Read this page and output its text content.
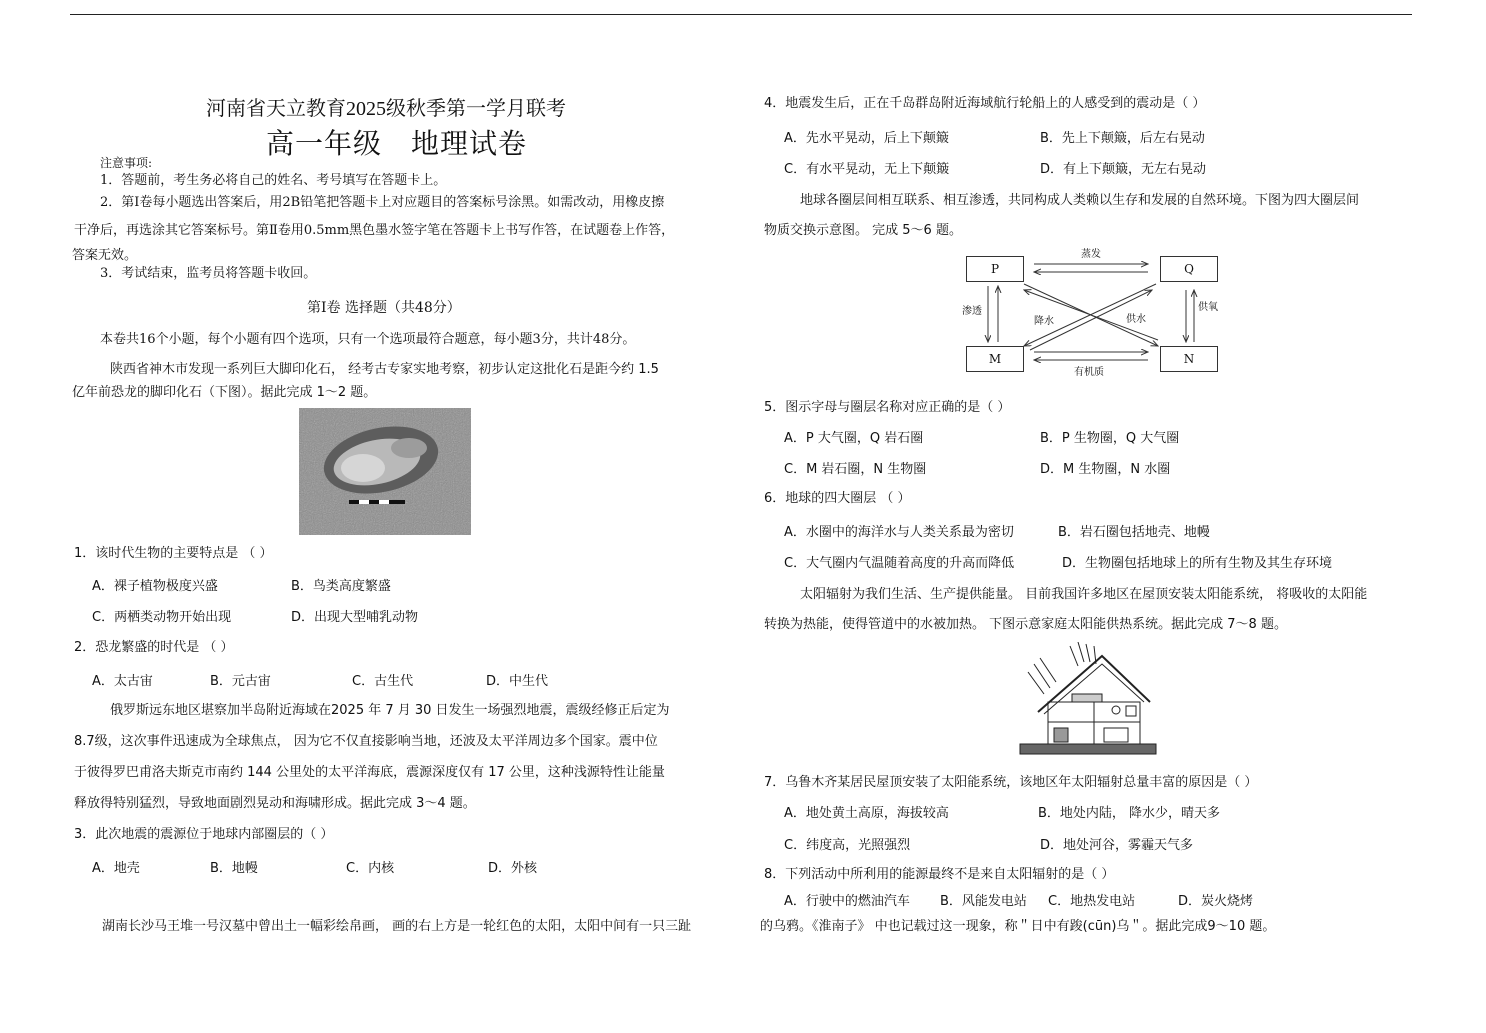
河南省天立教育2025级秋季第一学月联考
高一年级　地理试卷
注意事项:
1．答题前，考生务必将自己的姓名、考号填写在答题卡上。
2．第Ⅰ卷每小题选出答案后，用2B铅笔把答题卡上对应题目的答案标号涂黑。如需改动，用橡皮擦
干净后，再选涂其它答案标号。第Ⅱ卷用0.5mm黑色墨水签字笔在答题卡上书写作答，在试题卷上作答，
答案无效。
3．考试结束，监考员将答题卡收回。
第Ⅰ卷 选择题（共48分）
本卷共16个小题，每个小题有四个选项，只有一个选项最符合题意，每小题3分，共计48分。
陕西省神木市发现一系列巨大脚印化石， 经考古专家实地考察，初步认定这批化石是距今约 1.5
亿年前恐龙的脚印化石（下图）。据此完成 1～2 题。
1．该时代生物的主要特点是 （ ）
A．裸子植物极度兴盛	B．鸟类高度繁盛
C．两栖类动物开始出现	D．出现大型哺乳动物
2．恐龙繁盛的时代是 （ ）
A．太古宙	B．元古宙	C．古生代	D．中生代
俄罗斯远东地区堪察加半岛附近海域在2025 年 7 月 30 日发生一场强烈地震，震级经修正后定为
8.7级，这次事件迅速成为全球焦点， 因为它不仅直接影响当地，还波及太平洋周边多个国家。震中位
于彼得罗巴甫洛夫斯克市南约 144 公里处的太平洋海底，震源深度仅有 17 公里，这种浅源特性让能量
释放得特别猛烈，导致地面剧烈晃动和海啸形成。据此完成 3～4 题。
3．此次地震的震源位于地球内部圈层的（ ）
A．地壳	B．地幔	C．内核	D．外核
湖南长沙马王堆一号汉墓中曾出土一幅彩绘帛画， 画的右上方是一轮红色的太阳，太阳中间有一只三趾
4．地震发生后，正在千岛群岛附近海域航行轮船上的人感受到的震动是（ ）
A．先水平晃动，后上下颠簸	B．先上下颠簸，后左右晃动
C．有水平晃动，无上下颠簸	D．有上下颠簸，无左右晃动
地球各圈层间相互联系、相互渗透，共同构成人类赖以生存和发展的自然环境。下图为四大圈层间
物质交换示意图。 完成 5～6 题。
P	Q
M	N
蒸发
渗透
降水	供水
供氧
有机质
5．图示字母与圈层名称对应正确的是（ ）
A．P 大气圈，Q 岩石圈	B．P 生物圈，Q 大气圈
C．M 岩石圈，N 生物圈	D．M 生物圈，N 水圈
6．地球的四大圈层 （ ）
A．水圈中的海洋水与人类关系最为密切	B．岩石圈包括地壳、地幔
C．大气圈内气温随着高度的升高而降低	D．生物圈包括地球上的所有生物及其生存环境
太阳辐射为我们生活、生产提供能量。 目前我国许多地区在屋顶安装太阳能系统， 将吸收的太阳能
转换为热能，使得管道中的水被加热。 下图示意家庭太阳能供热系统。据此完成 7～8 题。
7．乌鲁木齐某居民屋顶安装了太阳能系统，该地区年太阳辐射总量丰富的原因是（ ）
A．地处黄土高原，海拔较高	B．地处内陆， 降水少，晴天多
C．纬度高，光照强烈	D．地处河谷，雾霾天气多
8．下列活动中所利用的能源最终不是来自太阳辐射的是（ ）
A．行驶中的燃油汽车 B．风能发电站 C．地热发电站	D．炭火烧烤
的乌鸦。《淮南子》 中也记载过这一现象，称＂日中有踆(cūn)乌＂。据此完成9～10 题。
